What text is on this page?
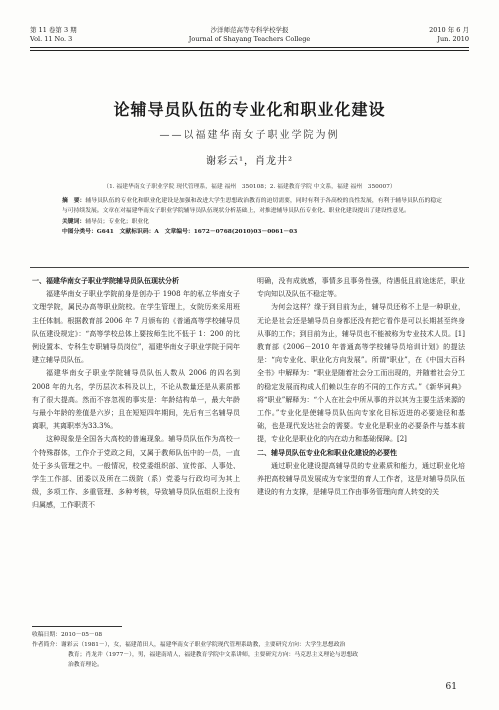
第 11 卷第 3 期
Vol. 11 No. 3
沙洋师范高等专科学校学报
Journal of Shayang Teachers College
2010 年 6 月
Jun. 2010
论辅导员队伍的专业化和职业化建设
——以福建华南女子职业学院为例
谢彩云¹，肖龙井²
（1. 福建华南女子职业学院 现代管理系，福建 福州　350108；2. 福建教育学院 中文系，福建 福州　350007）

摘　要：辅导员队伍的专业化和职业化建设是加强和改进大学生思想政治教育的迫切需要，同时有利于各高校的良性发展，有利于辅导员队伍的稳定与可持续发展。文章在对福建华南女子职业学院辅导员队伍现状分析基础上，对推进辅导员队伍专业化、职业化建设提出了建设性意见。

关键词：辅导员；专业化；职业化

中图分类号：G641　文献标识码：A　文章编号：1672－0768(2010)03－0061－03

一、福建华南女子职业学院辅导员队伍现状分析

福建华南女子职业学院前身是创办于 1908 年的私立华南女子文理学院，属民办高等职业院校。在学生管理上，女院历来采用班主任体制。根据教育部 2006 年 7 月颁布的《普通高等学校辅导员队伍建设规定》：“高等学校总体上要按师生比不低于 1：200 的比例设置本、专科生专职辅导员岗位”，福建华南女子职业学院于同年建立辅导员队伍。

福建华南女子职业学院辅导员队伍人数从 2006 的四名到 2008 年的九名，学历层次本科及以上，不论从数量还是从素质都有了很大提高。然而不容忽视的事实是：年龄结构单一，最大年龄与最小年龄的差值是六岁；且在短短四年期间，先后有三名辅导员离职，其离职率为33.3%。

这种现象是全国各大高校的普遍现象。辅导员队伍作为高校一个特殊群体，工作介于党政之间，又属于教师队伍中的一员，一直处于多头管理之中。一般情况，校党委组织部、宣传部、人事处、学生工作部、团委以及所在二级院（系）党委与行政均可为其上级，多项工作、多重管理、多种考核，导致辅导员队伍组织上没有归属感，工作职责不

明确，没有成就感，事情多且事务性强，待遇低且前途迷茫，职业专向知以及队伍不稳定等。

为何会这样？缘于到目前为止，辅导员还称不上是一种职业，无论是社会还是辅导员自身都还没有把它看作是可以长期甚至终身从事的工作；到目前为止，辅导员也不能被称为专业技术人员。[1] 教育部《2006－2010 年普通高等学校辅导员培训计划》的提法是：“向专业化、职业化方向发展”。所谓“职业”，在《中国大百科全书》中解释为：“职业是随着社会分工而出现的，并随着社会分工的稳定发展而构成人们赖以生存的不同的工作方式。”《新华词典》将“职业”解释为：“个人在社会中所从事的并以其为主要生活来源的工作。”专业化是使辅导员队伍向专家化目标迈进的必要途径和基础，也是现代发达社会的需要。专业化是职业的必要条件与基本前提，专业化是职业化的内在动力和基础保障。[2]

二、辅导员队伍专业化和职业化建设的必要性

通过职业化建设提高辅导员的专业素质和能力，通过职业化培养把高校辅导员发展成为专家型的育人工作者，这是对辅导员队伍建设的有力支撑，是辅导员工作由事务管理向育人转变的关

收稿日期：2010－05－08

作者简介：谢彩云（1981－），女，福建莆田人，福建华南女子职业学院现代管理系助教，主要研究方向：大学生思想政治

教育；肖龙井（1977－），男，福建南靖人，福建教育学院中文系讲师，主要研究方向：马克思主义理论与思想政

治教育理论。

61
